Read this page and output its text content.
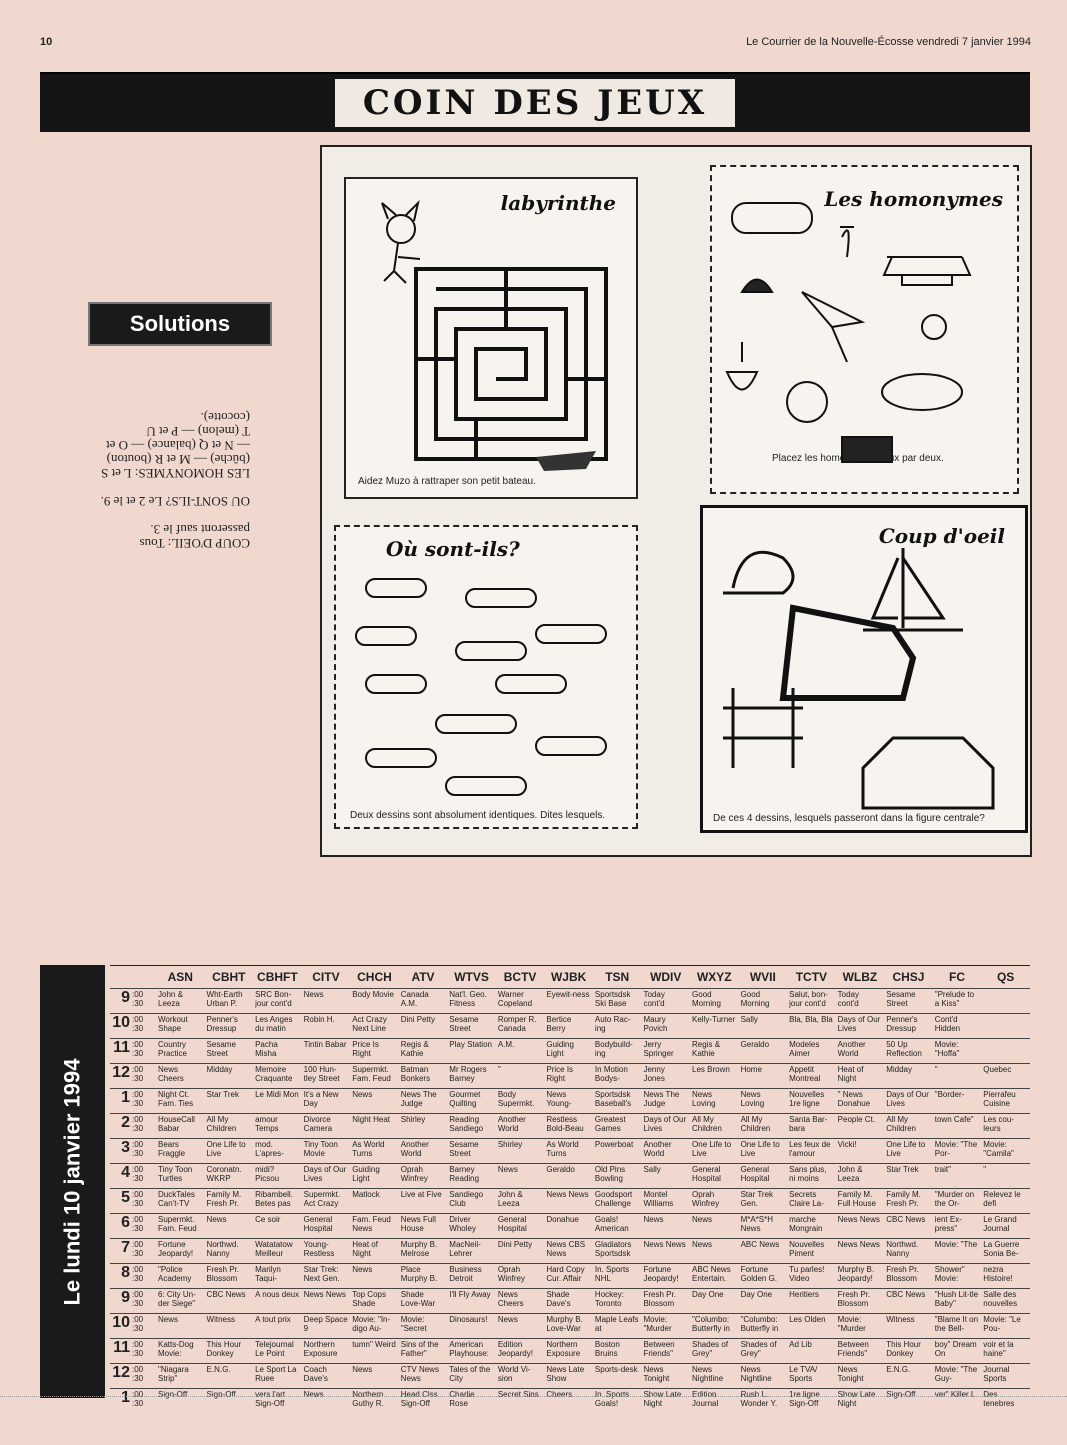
10	Le Courrier de la Nouvelle-Écosse vendredi 7 janvier 1994
COIN DES JEUX
Solutions
COUP D'OEIL: Tous passeront sauf le 3.
OU SONT-ILS? Le 2 et le 9.
LES HOMONYMES: L et S (bûche) — M et R (bouton) — N et Q (balance) — O et T (melon) — P et U (cocotte).
labyrinthe
Aidez Muzo à rattraper son petit bateau.
Les homonymes
Placez les homonymes deux par deux.
Où sont-ils?
Deux dessins sont absolument identiques. Dites lesquels.
Coup d'oeil
De ces 4 dessins, lesquels passeront dans la figure centrale?
Le lundi 10 janvier 1994
	ASN	CBHT	CBHFT	CITV	CHCH	ATV	WTVS	BCTV	WJBK	TSN	WDIV	WXYZ	WVII	TCTV	WLBZ	CHSJ	FC	QS

9 :00
:30	John & Leeza	Wht-Earth Urban P.	SRC Bon-jour cont'd	News	Body Movie	Canada A.M.	Nat'l. Geo. Fitness	Warner Copeland	Eyewit-ness	Sportsdsk Ski Base	Today cont'd	Good Morning	Good Morning	Salut, bon-jour cont'd	Today cont'd	Sesame Street	"Prelude to a Kiss"	

10 :00
:30	Workout Shape	Penner's Dressup	Les Anges du matin	Robin H.	Act Crazy Next Line	Dini Petty	Sesame Street	Romper R. Canada	Bertice Berry	Auto Rac-ing	Maury Povich	Kelly-Turner	Sally	Bla, Bla, Bla	Days of Our Lives	Penner's Dressup	Cont'd Hidden	

11 :00
:30	Country Practice	Sesame Street	Pacha Misha	Tintin Babar	Price Is Right	Regis & Kathie	Play Station	A.M.	Guiding Light	Bodybuild-ing	Jerry Springer	Regis & Kathie	Geraldo	Modeles Aimer	Another World	50 Up Reflection	Movie: "Hoffa"	

12 :00
:30	News Cheers	Midday	Memoire Craquante	100 Hun-tley Street	Supermkt. Fam. Feud	Batman Bonkers	Mr Rogers Barney	"	Price Is Right	In Motion Bodys-	Jenny Jones	Les Brown	Home	Appetit Montreal	Heat of Night	Midday	"	Quebec

1 :00
:30	Night Ct. Fam. Ties	Star Trek	Le Midi Mon	It's a New Day	News	News The Judge	Gourmet Quilting	Body Supermkt.	News Young-	Sportsdsk Baseball's	News The Judge	News Loving	News Loving	Nouvelles 1re ligne	" News Donahue	Days of Our Lives	"Border-	Pierrafeu Cuisine

2 :00
:30	HouseCall Babar	All My Children	amour Temps	Divorce Camera	Night Heat	Shirley	Reading Sandiego	Another World	Restless Bold-Beau	Greatest Games	Days of Our Lives	All My Children	All My Children	Santa Bar-bara	People Ct.	All My Children	town Cafe"	Les cou-leurs

3 :00
:30	Bears Fraggle	One Life to Live	mod. L'apres-	Tiny Toon Movie	As World Turns	Another World	Sesame Street	Shirley	As World Turns	Powerboat	Another World	One Life to Live	One Life to Live	Les feux de l'amour	Vicki!	One Life to Live	Movie: "The Por-	Movie: "Camila"

4 :00
:30	Tiny Toon Turtles	Coronatn. WKRP	midi? Picsou	Days of Our Lives	Guiding Light	Oprah Winfrey	Barney Reading	News	Geraldo	Old Pins Bowling	Sally	General Hospital	General Hospital	Sans plus, ni moins	John & Leeza	Star Trek	trait"	"

5 :00
:30	DuckTales Can't-TV	Family M. Fresh Pr.	Ribambell. Betes pas	Supermkt. Act Crazy	Matlock	Live at Five	Sandiego Club	John & Leeza	News News	Goodsport Challenge	Montel Williams	Oprah Winfrey	Star Trek Gen.	Secrets Claire La-	Family M. Full House	Family M. Fresh Pr.	"Murder on the Or-	Relevez le defi

6 :00
:30	Supermkt. Fam. Feud	News	Ce soir	General Hospital	Fam. Feud News	News Full House	Driver Wholey	General Hospital	Donahue	Goals! American	News	News	M*A*S*H News	marche Mongrain	News News	CBC News	ient Ex-press"	Le Grand Journal

7 :00
:30	Fortune Jeopardy!	Northwd. Nanny	Watatatow Meilleur	Young-Restless	Heat of Night	Murphy B. Melrose	MacNeil-Lehrer	Dini Petty	News CBS News	Gladiators Sportsdsk	News News	News	ABC News	Nouvelles Piment	News News	Northwd. Nanny	Movie: "The	La Guerre Sonia Be-

8 :00
:30	"Police Academy	Fresh Pr. Blossom	Marilyn Taqui-	Star Trek: Next Gen.	News	Place Murphy B.	Business Detroit	Oprah Winfrey	Hard Copy Cur. Affair	In. Sports NHL	Fortune Jeopardy!	ABC News Entertain.	Fortune Golden G.	Tu parles! Video	Murphy B. Jeopardy!	Fresh Pr. Blossom	Shower" Movie:	nezra Histoire!

9 :00
:30	6: City Un-der Siege"	CBC News	A nous deux	News News	Top Cops Shade	Shade Love-War	I'll Fly Away	News Cheers	Shade Dave's	Hockey: Toronto	Fresh Pr. Blossom	Day One	Day One	Heritiers	Fresh Pr. Blossom	CBC News	"Hush Lit-tle Baby"	Salle des nouvelles

10 :00
:30	News	Witness	A tout prix	Deep Space 9	Movie: "In-digo Au-	Movie: "Secret	Dinosaurs!	News	Murphy B. Love-War	Maple Leafs at	Movie: "Murder	"Columbo: Butterfly in	"Columbo: Butterfly in	Les Olden	Movie: "Murder	Witness	"Blame It on the Bell-	Movie: "Le Pou-

11 :00
:30	Katts-Dog Movie:	This Hour Donkey	Telejournal Le Point	Northern Exposure	tumn" Weird	Sins of the Father"	American Playhouse:	Edition Jeopardy!	Northern Exposure	Boston Bruins	Between Friends"	Shades of Grey"	Shades of Grey"	Ad Lib	Between Friends"	This Hour Donkey	boy" Dream On	voir et la haine"

12 :00
:30	"Niagara Strip"	E.N.G.	Le Sport La Ruee	Coach Dave's	News	CTV News News	Tales of the City	World Vi-sion	News Late Show	Sports-desk	News Tonight	News Nightline	News Nightline	Le TVA/ Sports	News Tonight	E.N.G.	Movie: "The Guy-	Journal Sports

1 :00
:30	Sign-Off	Sign-Off	vers l'art Sign-Off	News	Northern Guthy R.	Head Clss. Sign-Off	Charlie Rose	Secret Sins	Cheers	In. Sports Goals!	Show Late Night	Edition Journal	Rush L. Wonder Y.	1re ligne Sign-Off	Show Late Night	Sign-Off	ver" Killer L.	Des tenebres
